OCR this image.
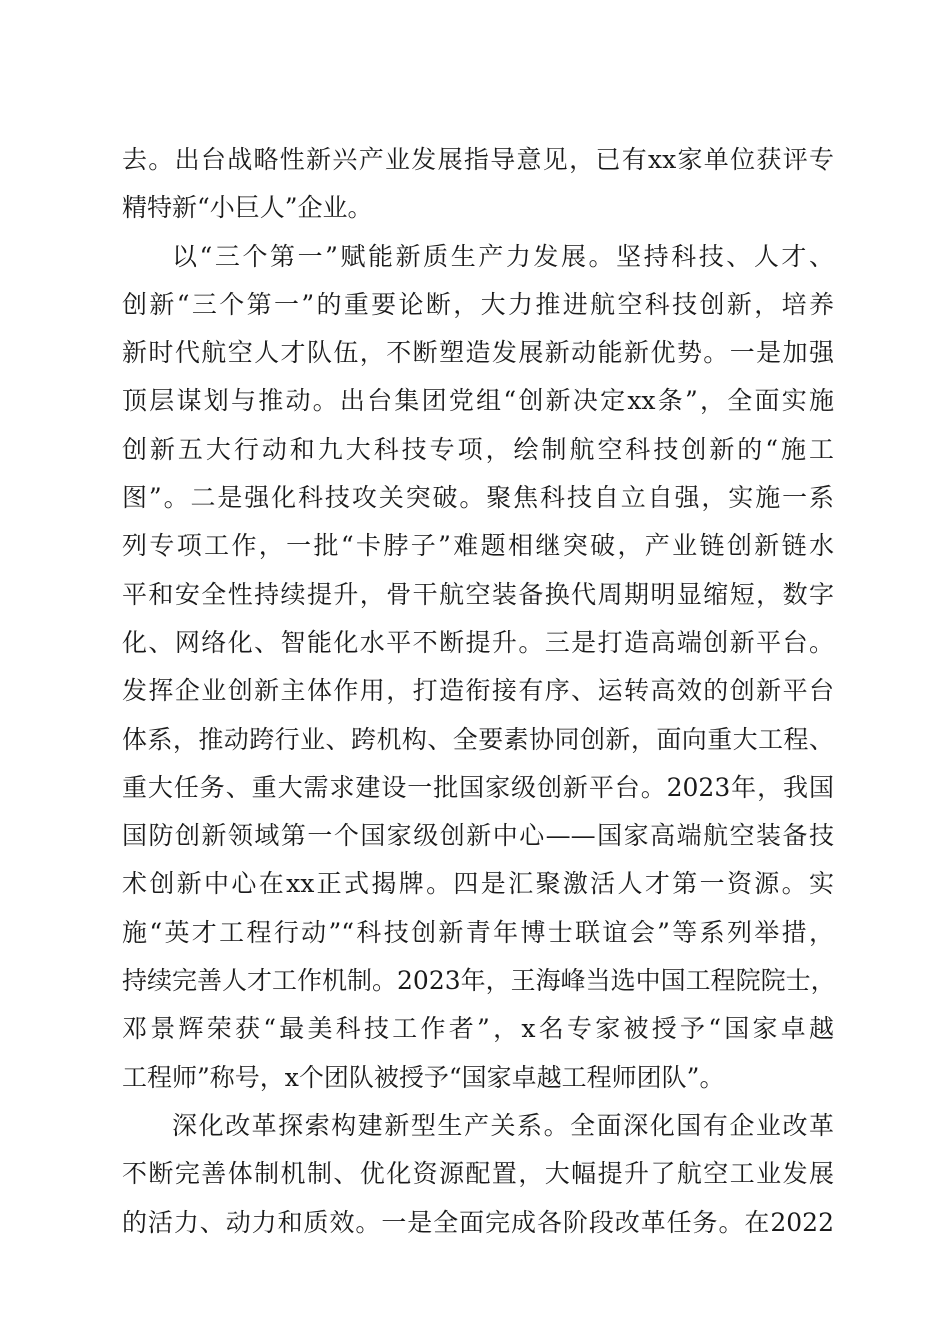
去。出台战略性新兴产业发展指导意见，已有xx家单位获评专
精特新“小巨人”企业。
以“三个第一”赋能新质生产力发展。坚持科技、人才、
创新“三个第一”的重要论断，大力推进航空科技创新，培养
新时代航空人才队伍，不断塑造发展新动能新优势。一是加强
顶层谋划与推动。出台集团党组“创新决定xx条”，全面实施
创新五大行动和九大科技专项，绘制航空科技创新的“施工
图”。二是强化科技攻关突破。聚焦科技自立自强，实施一系
列专项工作，一批“卡脖子”难题相继突破，产业链创新链水
平和安全性持续提升，骨干航空装备换代周期明显缩短，数字
化、网络化、智能化水平不断提升。三是打造高端创新平台。
发挥企业创新主体作用，打造衔接有序、运转高效的创新平台
体系，推动跨行业、跨机构、全要素协同创新，面向重大工程、
重大任务、重大需求建设一批国家级创新平台。2023年，我国
国防创新领域第一个国家级创新中心——国家高端航空装备技
术创新中心在xx正式揭牌。四是汇聚激活人才第一资源。实
施“英才工程行动”“科技创新青年博士联谊会”等系列举措，
持续完善人才工作机制。2023年，王海峰当选中国工程院院士，
邓景辉荣获“最美科技工作者”，x名专家被授予“国家卓越
工程师”称号，x个团队被授予“国家卓越工程师团队”。
深化改革探索构建新型生产关系。全面深化国有企业改革
不断完善体制机制、优化资源配置，大幅提升了航空工业发展
的活力、动力和质效。一是全面完成各阶段改革任务。在2022
